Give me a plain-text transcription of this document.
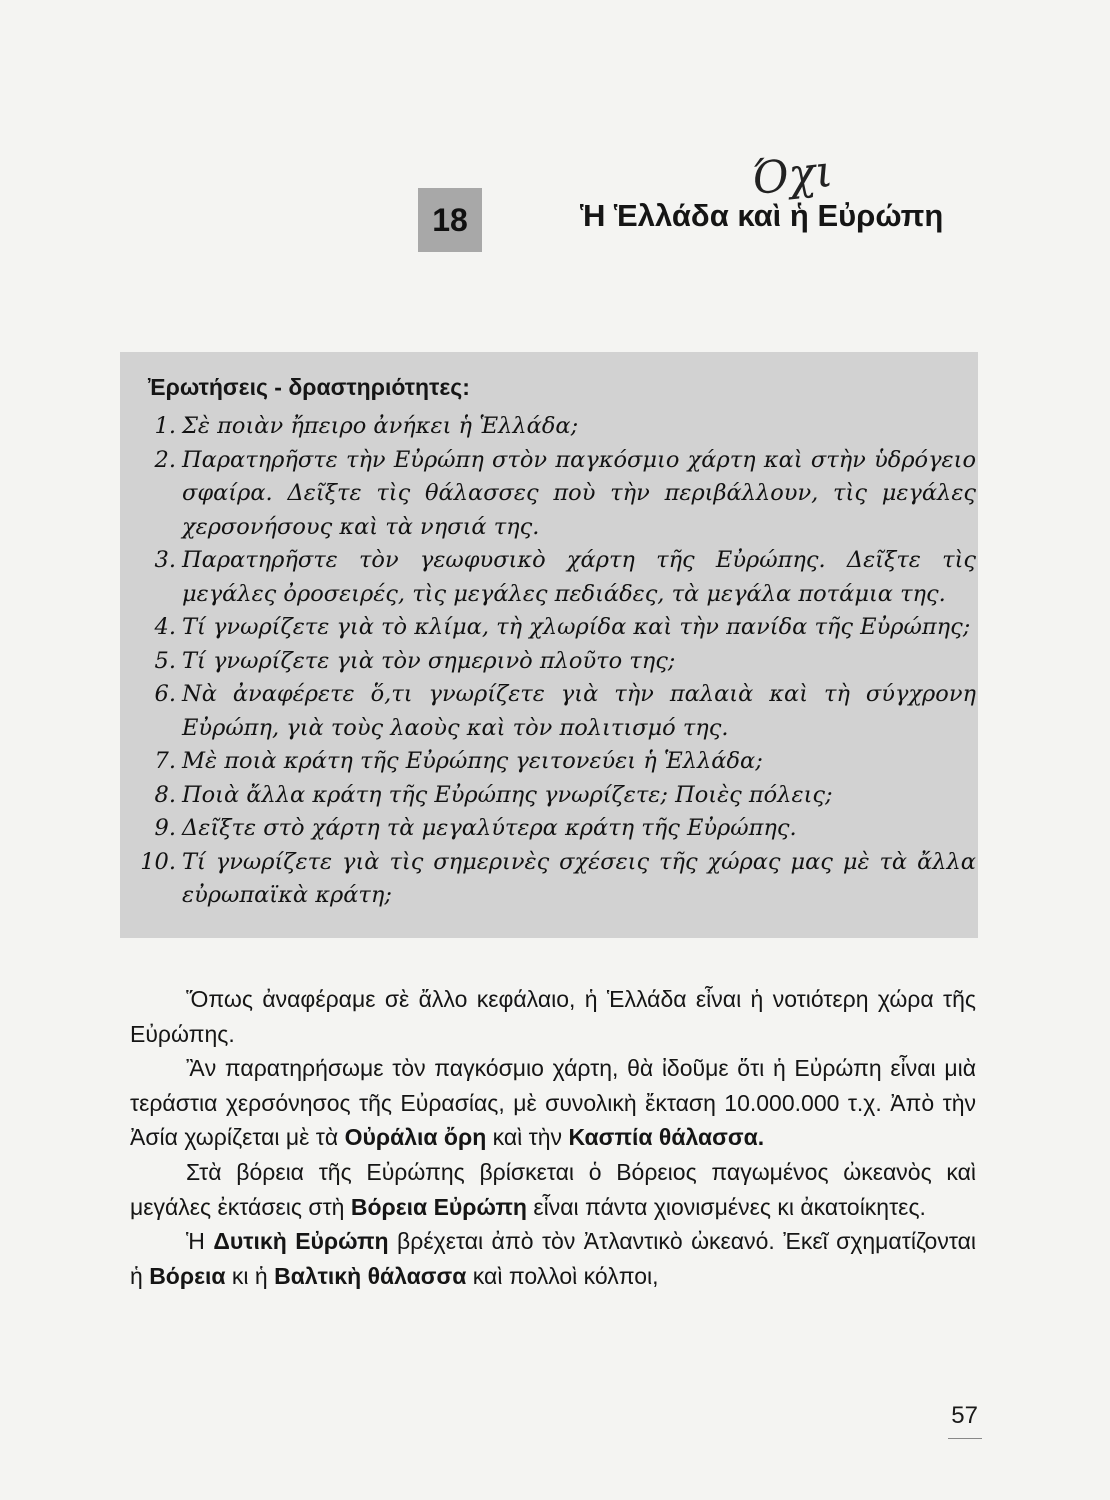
Όχι
18	Ἡ Ἑλλάδα καὶ ἡ Εὐρώπη
Ἐρωτήσεις - δραστηριότητες:
1. Σὲ ποιὰν ἤπειρο ἀνήκει ἡ Ἑλλάδα;
2. Παρατηρῆστε τὴν Εὐρώπη στὸν παγκόσμιο χάρτη καὶ στὴν ὑδρόγειο σφαίρα. Δεῖξτε τὶς θάλασσες ποὺ τὴν περιβάλλουν, τὶς μεγάλες χερσονήσους καὶ τὰ νησιά της.
3. Παρατηρῆστε τὸν γεωφυσικὸ χάρτη τῆς Εὐρώπης. Δεῖξτε τὶς μεγάλες ὀροσειρές, τὶς μεγάλες πεδιάδες, τὰ μεγάλα ποτάμια της.
4. Τί γνωρίζετε γιὰ τὸ κλίμα, τὴ χλωρίδα καὶ τὴν πανίδα τῆς Εὐρώπης;
5. Τί γνωρίζετε γιὰ τὸν σημερινὸ πλοῦτο της;
6. Νὰ ἀναφέρετε ὅ,τι γνωρίζετε γιὰ τὴν παλαιὰ καὶ τὴ σύγχρονη Εὐρώπη, γιὰ τοὺς λαοὺς καὶ τὸν πολιτισμό της.
7. Μὲ ποιὰ κράτη τῆς Εὐρώπης γειτονεύει ἡ Ἑλλάδα;
8. Ποιὰ ἄλλα κράτη τῆς Εὐρώπης γνωρίζετε; Ποιὲς πόλεις;
9. Δεῖξτε στὸ χάρτη τὰ μεγαλύτερα κράτη τῆς Εὐρώπης.
10. Τί γνωρίζετε γιὰ τὶς σημερινὲς σχέσεις τῆς χώρας μας μὲ τὰ ἄλλα εὐρωπαϊκὰ κράτη;

Ὅπως ἀναφέραμε σὲ ἄλλο κεφάλαιο, ἡ Ἑλλάδα εἶναι ἡ νοτιότερη χώρα τῆς Εὐρώπης.

Ἂν παρατηρήσωμε τὸν παγκόσμιο χάρτη, θὰ ἰδοῦμε ὅτι ἡ Εὐρώπη εἶναι μιὰ τεράστια χερσόνησος τῆς Εὐρασίας, μὲ συνολικὴ ἔκταση 10.000.000 τ.χ. Ἀπὸ τὴν Ἀσία χωρίζεται μὲ τὰ Οὐράλια ὄρη καὶ τὴν Κασπία θάλασσα.

Στὰ βόρεια τῆς Εὐρώπης βρίσκεται ὁ Βόρειος παγωμένος ὠκεανὸς καὶ μεγάλες ἐκτάσεις στὴ Βόρεια Εὐρώπη εἶναι πάντα χιονισμένες κι ἀκατοίκητες.

Ἡ Δυτικὴ Εὐρώπη βρέχεται ἀπὸ τὸν Ἀτλαντικὸ ὠκεανό. Ἐκεῖ σχηματίζονται ἡ Βόρεια κι ἡ Βαλτικὴ θάλασσα καὶ πολλοὶ κόλποι,

57
